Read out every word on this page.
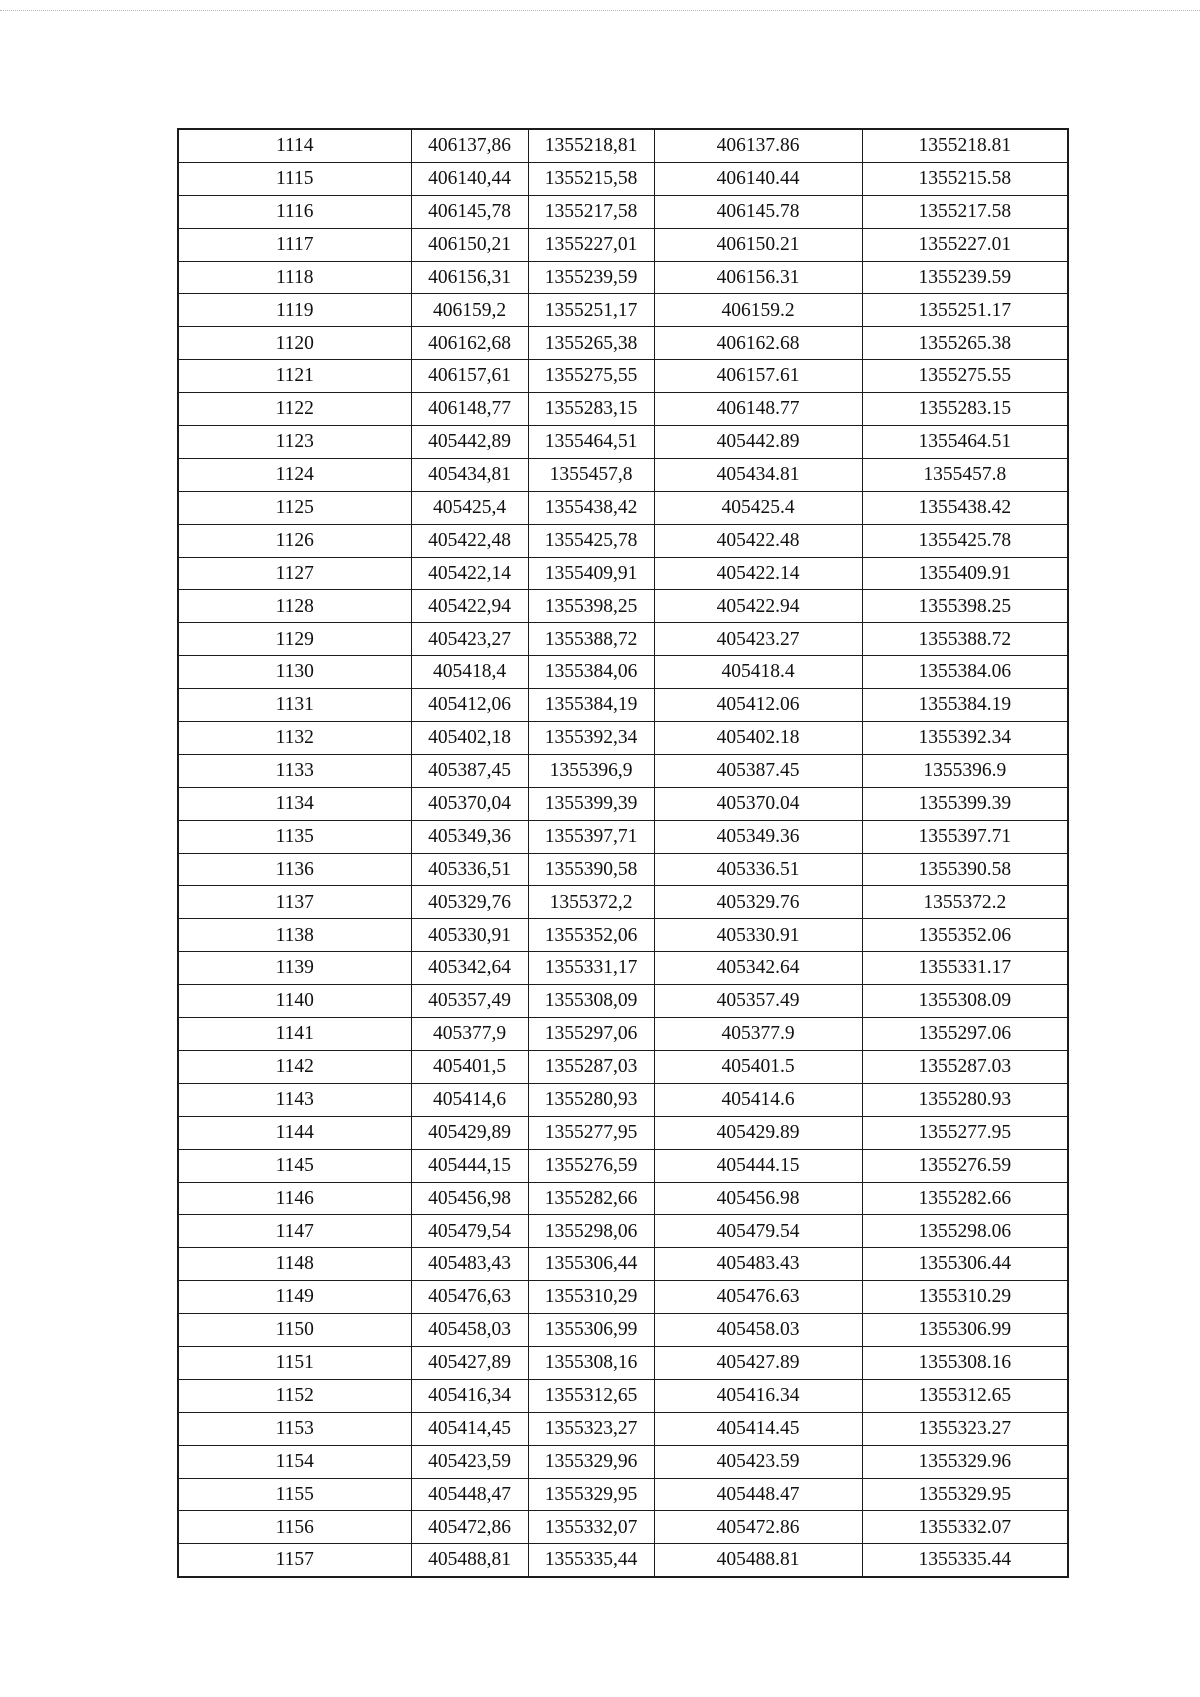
1114	406137,86	1355218,81	406137.86	1355218.81
1115	406140,44	1355215,58	406140.44	1355215.58
1116	406145,78	1355217,58	406145.78	1355217.58
1117	406150,21	1355227,01	406150.21	1355227.01
1118	406156,31	1355239,59	406156.31	1355239.59
1119	406159,2	1355251,17	406159.2	1355251.17
1120	406162,68	1355265,38	406162.68	1355265.38
1121	406157,61	1355275,55	406157.61	1355275.55
1122	406148,77	1355283,15	406148.77	1355283.15
1123	405442,89	1355464,51	405442.89	1355464.51
1124	405434,81	1355457,8	405434.81	1355457.8
1125	405425,4	1355438,42	405425.4	1355438.42
1126	405422,48	1355425,78	405422.48	1355425.78
1127	405422,14	1355409,91	405422.14	1355409.91
1128	405422,94	1355398,25	405422.94	1355398.25
1129	405423,27	1355388,72	405423.27	1355388.72
1130	405418,4	1355384,06	405418.4	1355384.06
1131	405412,06	1355384,19	405412.06	1355384.19
1132	405402,18	1355392,34	405402.18	1355392.34
1133	405387,45	1355396,9	405387.45	1355396.9
1134	405370,04	1355399,39	405370.04	1355399.39
1135	405349,36	1355397,71	405349.36	1355397.71
1136	405336,51	1355390,58	405336.51	1355390.58
1137	405329,76	1355372,2	405329.76	1355372.2
1138	405330,91	1355352,06	405330.91	1355352.06
1139	405342,64	1355331,17	405342.64	1355331.17
1140	405357,49	1355308,09	405357.49	1355308.09
1141	405377,9	1355297,06	405377.9	1355297.06
1142	405401,5	1355287,03	405401.5	1355287.03
1143	405414,6	1355280,93	405414.6	1355280.93
1144	405429,89	1355277,95	405429.89	1355277.95
1145	405444,15	1355276,59	405444.15	1355276.59
1146	405456,98	1355282,66	405456.98	1355282.66
1147	405479,54	1355298,06	405479.54	1355298.06
1148	405483,43	1355306,44	405483.43	1355306.44
1149	405476,63	1355310,29	405476.63	1355310.29
1150	405458,03	1355306,99	405458.03	1355306.99
1151	405427,89	1355308,16	405427.89	1355308.16
1152	405416,34	1355312,65	405416.34	1355312.65
1153	405414,45	1355323,27	405414.45	1355323.27
1154	405423,59	1355329,96	405423.59	1355329.96
1155	405448,47	1355329,95	405448.47	1355329.95
1156	405472,86	1355332,07	405472.86	1355332.07
1157	405488,81	1355335,44	405488.81	1355335.44
